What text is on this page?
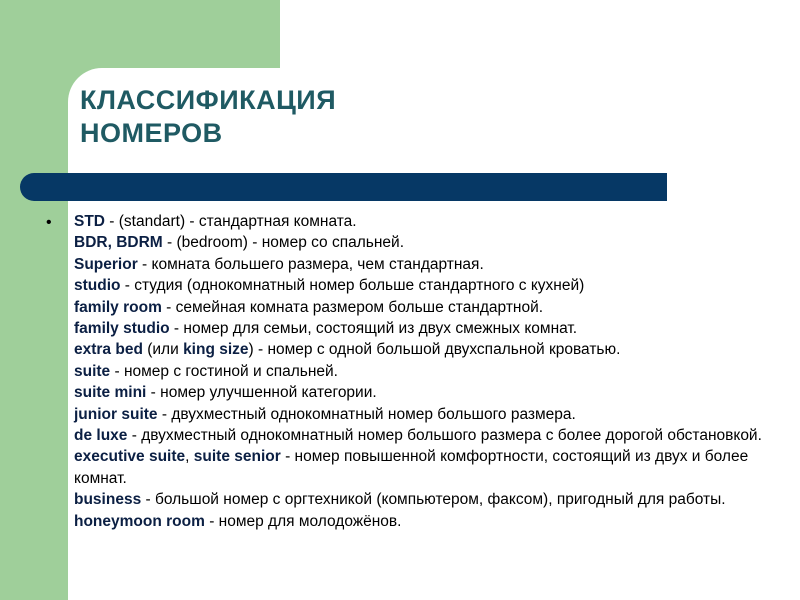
КЛАССИФИКАЦИЯ
НОМЕРОВ
• STD - (standart) - стандартная комната.

BDR, BDRM - (bedroom) - номер со спальней.

Superior - комната большего размера, чем стандартная.

studio - студия (однокомнатный номер больше стандартного с кухней)

family room - семейная комната размером больше стандартной.

family studio - номер для семьи, состоящий из двух смежных комнат.

extra bed (или king size) - номер с одной большой двухспальной кроватью.

suite - номер с гостиной и спальней.

suite mini - номер улучшенной категории.

junior suite - двухместный однокомнатный номер большого размера.

de luxe - двухместный однокомнатный номер большого размера с более дорогой обстановкой.

executive suite, suite senior - номер повышенной комфортности, состоящий из двух и более комнат.

business - большой номер с оргтехникой (компьютером, факсом), пригодный для работы.

honeymoon room - номер для молодожёнов.
